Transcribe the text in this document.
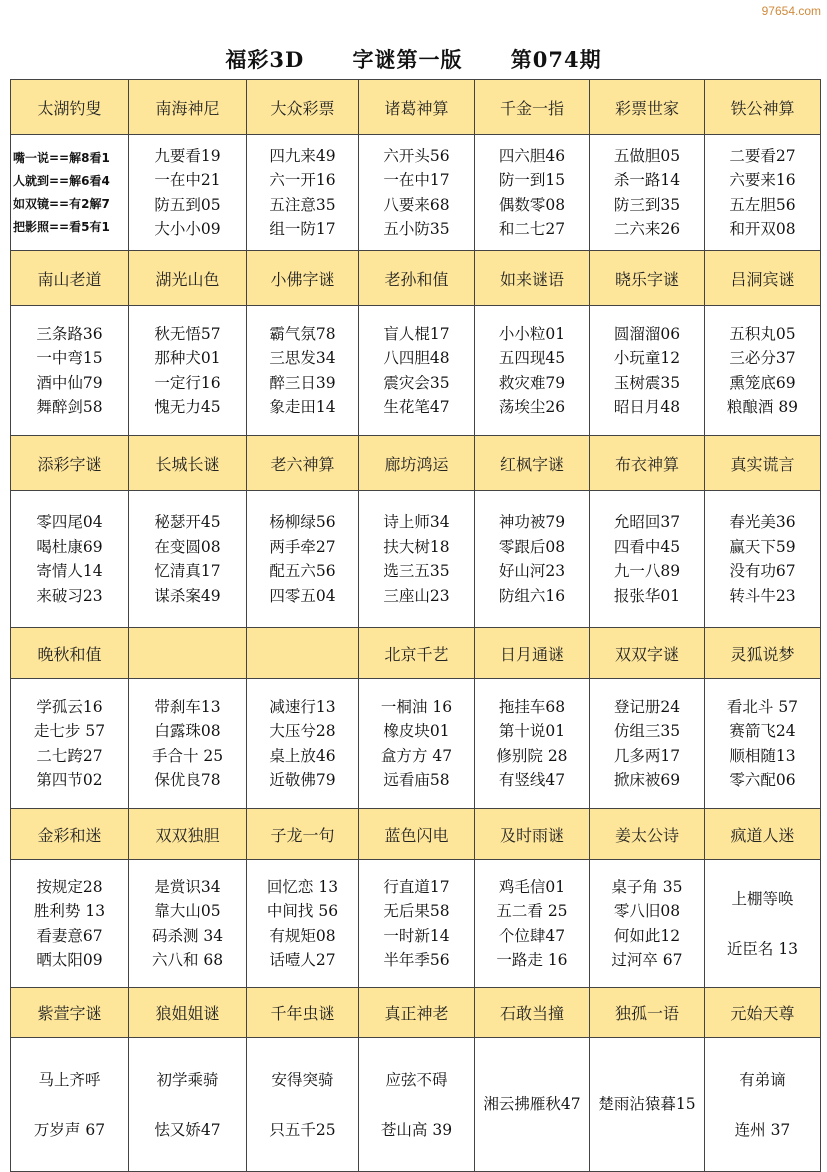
97654.com
福彩3D 字谜第一版 第074期
太湖钓叟	南海神尼	大众彩票	诸葛神算	千金一指	彩票世家	铁公神算

嘴一说==解8看1
人就到==解6看4
如双镜==有2解7
把影照==看5有1	九要看19
一在中21
防五到05
大小小09	四九来49
六一开16
五注意35
组一防17	六开头56
一在中17
八要来68
五小防35	四六胆46
防一到15
偶数零08
和二七27	五做胆05
杀一路14
防三到35
二六来26	二要看27
六要来16
五左胆56
和开双08

南山老道	湖光山色	小佛字谜	老孙和值	如来谜语	晓乐字谜	吕洞宾谜

三条路36
一中弯15
酒中仙79
舞醉剑58	秋无悟57
那种犬01
一定行16
愧无力45	霸气氛78
三思发34
醉三日39
象走田14	盲人棍17
八四胆48
震灾会35
生花笔47	小小粒01
五四现45
救灾难79
荡埃尘26	圆溜溜06
小玩童12
玉树震35
昭日月48	五积丸05
三必分37
熏笼底69
粮酿酒 89

添彩字谜	长城长谜	老六神算	廊坊鸿运	红枫字谜	布衣神算	真实谎言

零四尾04
喝杜康69
寄情人14
来破习23	秘瑟开45
在变圆08
忆清真17
谋杀案49	杨柳绿56
两手牵27
配五六56
四零五04	诗上师34
扶大树18
选三五35
三座山23	神功被79
零跟后08
好山河23
防组六16	允昭回37
四看中45
九一八89
报张华01	春光美36
赢天下59
没有功67
转斗牛23

晚秋和值			北京千艺	日月通谜	双双字谜	灵狐说梦

学孤云16
走七步 57
二七跨27
第四节02	带刹车13
白露珠08
手合十 25
保优良78	减速行13
大压兮28
桌上放46
近敬佛79	一桐油 16
橡皮块01
盒方方 47
远看庙58	拖挂车68
第十说01
修别院 28
有竖线47	登记册24
仿组三35
几多两17
掀床被69	看北斗 57
赛箭飞24
顺相随13
零六配06

金彩和迷	双双独胆	子龙一句	蓝色闪电	及时雨谜	姜太公诗	疯道人迷

按规定28
胜利势 13
看妻意67
晒太阳09	是赏识34
靠大山05
码杀测 34
六八和 68	回忆恋 13
中间找 56
有规矩08
话噎人27	行直道17
无后果58
一时新14
半年季56	鸡毛信01
五二看 25
个位肆47
一路走 16	桌子角 35
零八旧08
何如此12
过河卒 67	上棚等唤
近臣名 13

紫萱字谜	狼姐姐谜	千年虫谜	真正神老	石敢当撞	独孤一语	元始天尊

马上齐呼
万岁声 67	初学乘骑
怯又娇47	安得突骑
只五千25	应弦不碍
苍山高 39	湘云拂雁秋47	楚雨沾猿暮15	有弟谪
连州 37
